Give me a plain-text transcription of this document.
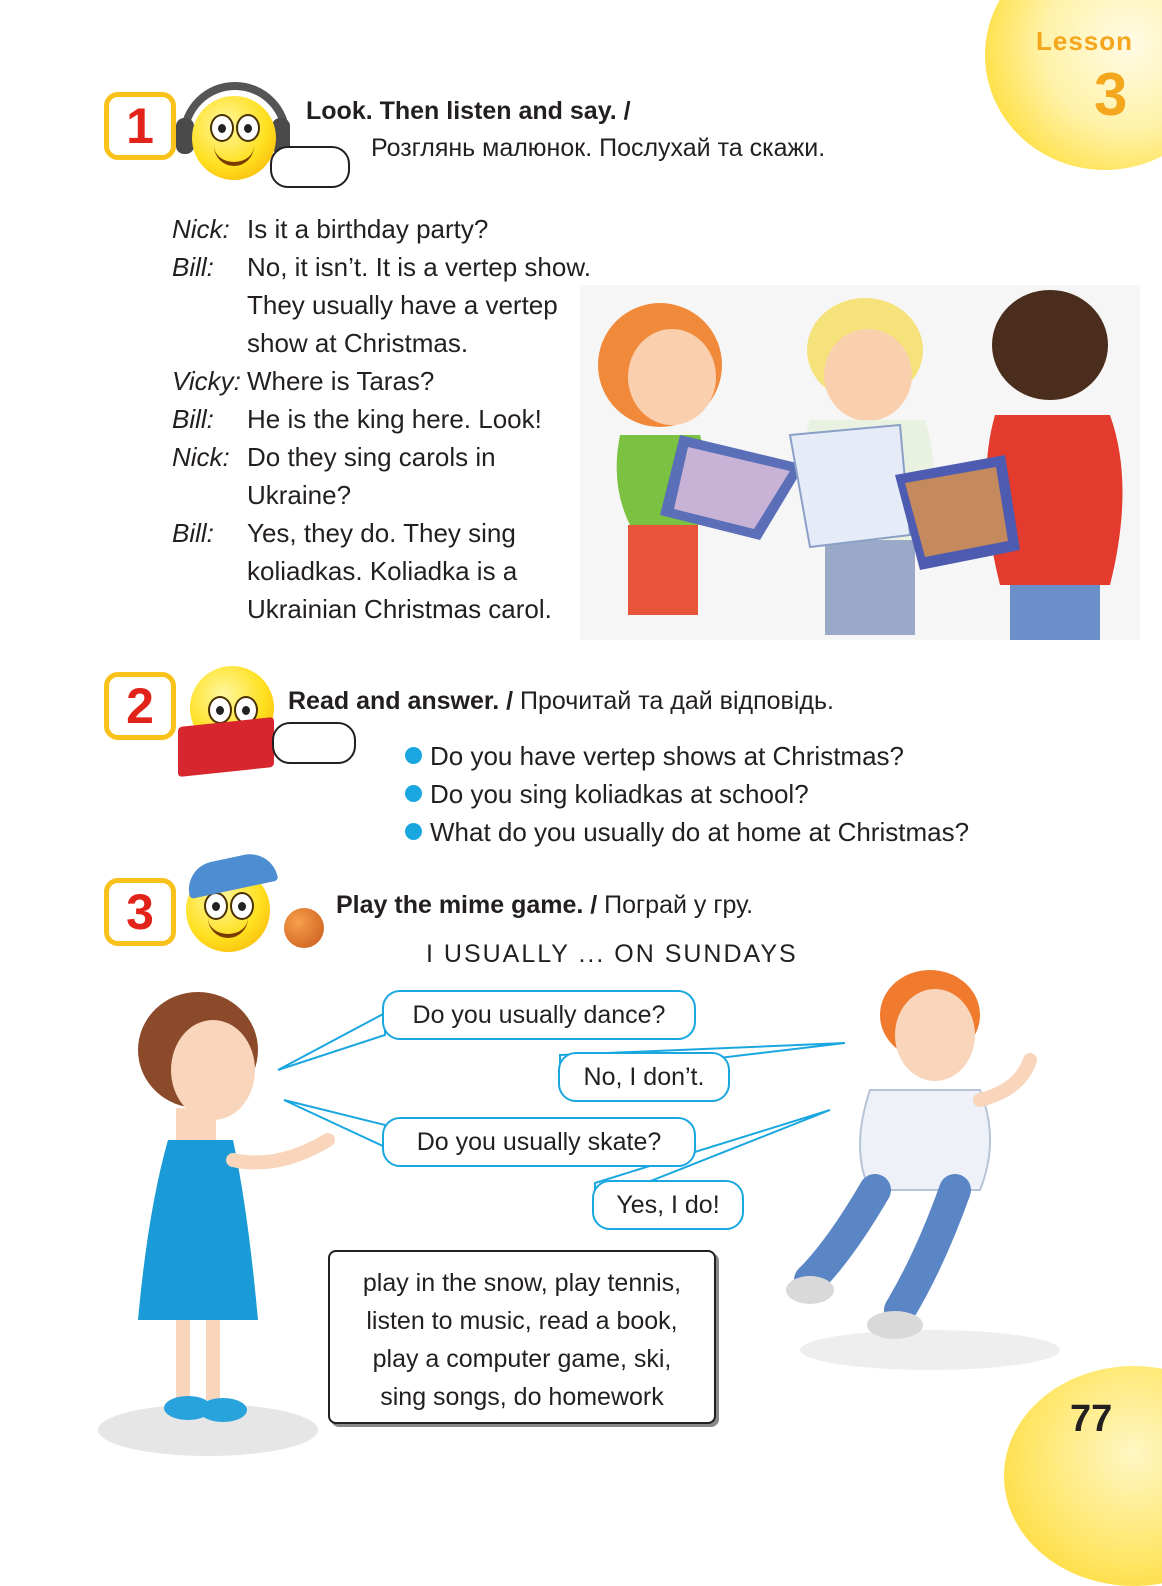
Lesson
3
1	Look. Then listen and say. /
Розглянь малюнок. Послухай та скажи.
Nick: Is it a birthday party?
Bill: No, it isn’t. It is a vertep show.
They usually have a vertep
show at Christmas.
Vicky: Where is Taras?
Bill: He is the king here. Look!
Nick: Do they sing carols in
Ukraine?
Bill: Yes, they do. They sing
koliadkas. Koliadka is a
Ukrainian Christmas carol.
2	Read and answer. / Прочитай та дай відповідь.
Do you have vertep shows at Christmas?
Do you sing koliadkas at school?
What do you usually do at home at Christmas?
3	Play the mime game. / Пограй у гру.
I USUALLY ... ON SUNDAYS
Do you usually dance?
No, I don’t.
Do you usually skate?
Yes, I do!
play in the snow, play tennis,
listen to music, read a book,
play a computer game, ski,
sing songs, do homework
77
